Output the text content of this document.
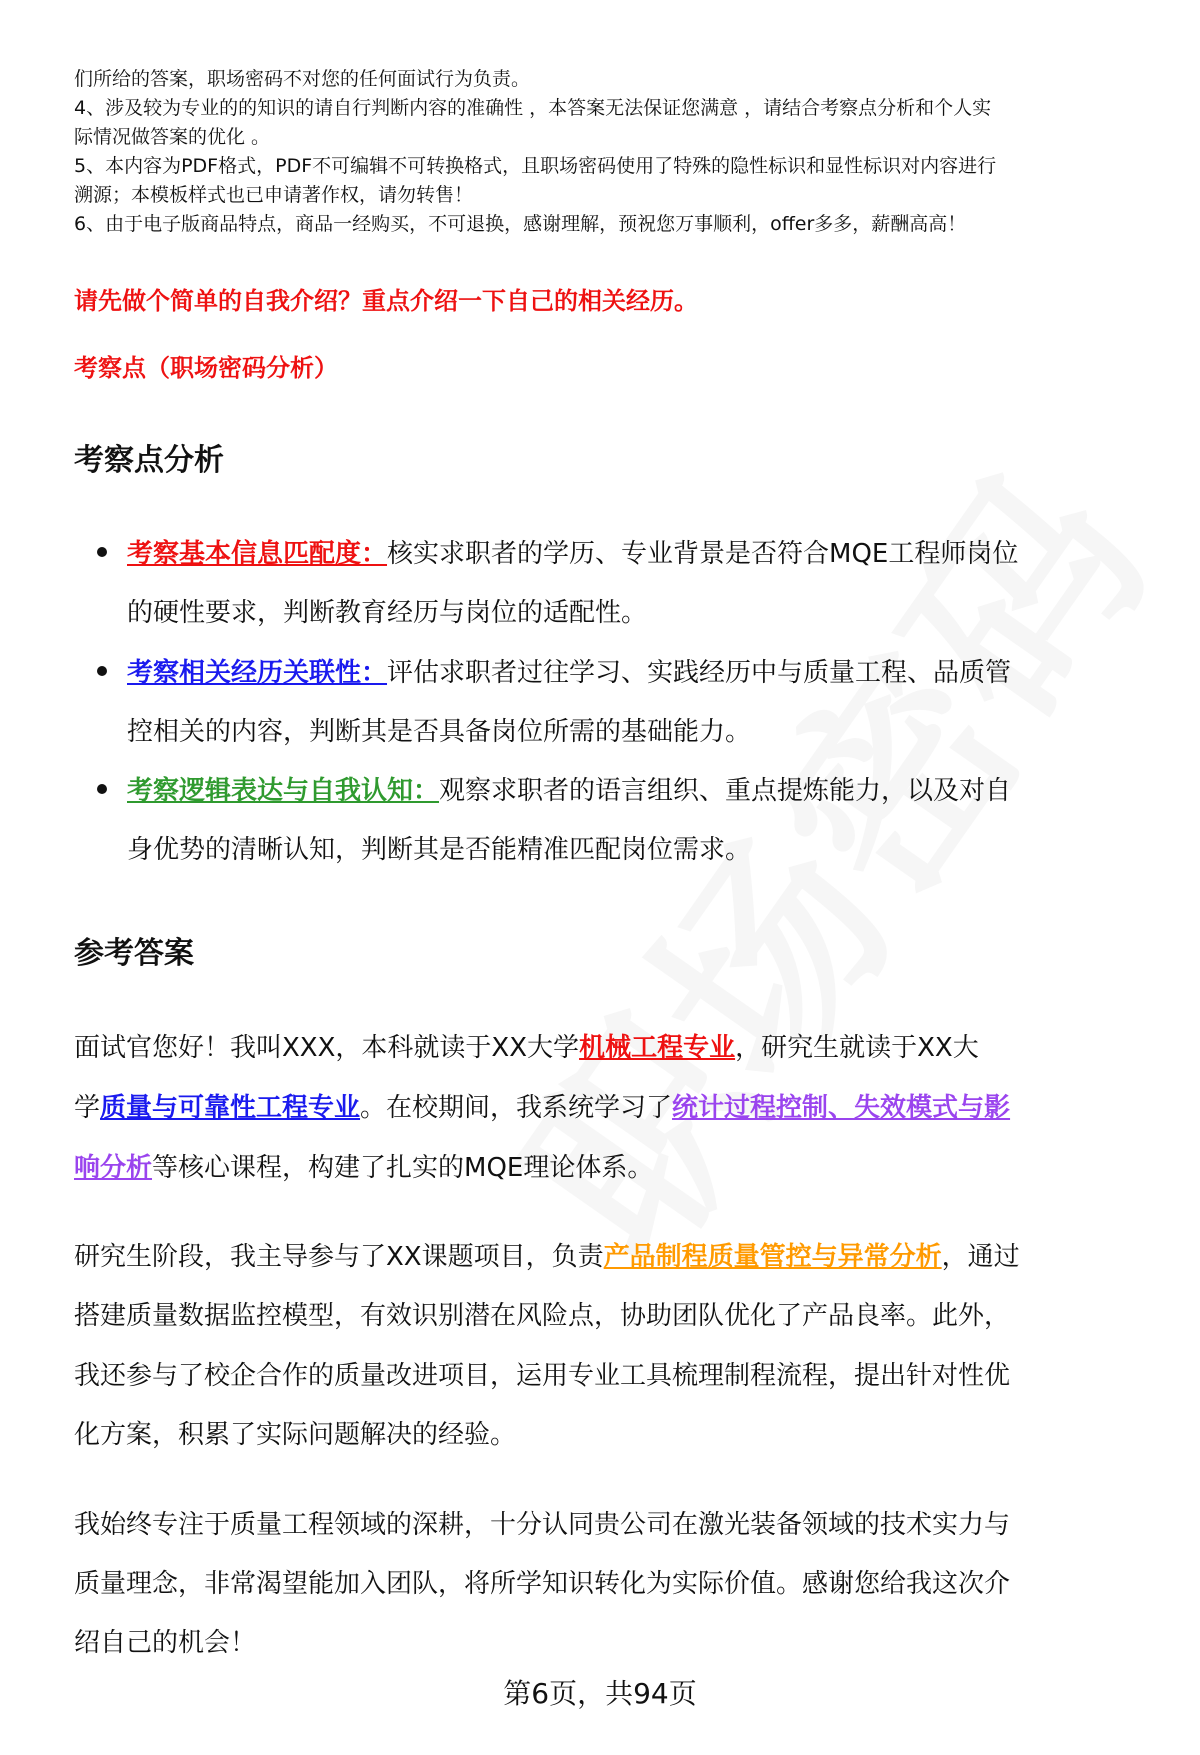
们所给的答案，职场密码不对您的任何面试行为负责。
4、涉及较为专业的的知识的请自行判断内容的准确性 ，本答案无法保证您满意 ，请结合考察点分析和个人实
际情况做答案的优化 。
5、本内容为PDF格式，PDF不可编辑不可转换格式，且职场密码使用了特殊的隐性标识和显性标识对内容进行
溯源；本模板样式也已申请著作权，请勿转售！
6、由于电子版商品特点，商品一经购买，不可退换，感谢理解，预祝您万事顺利，offer多多，薪酬高高！
请先做个简单的自我介绍？重点介绍一下自己的相关经历。
考察点（职场密码分析）
考察点分析
考察基本信息匹配度：核实求职者的学历、专业背景是否符合MQE工程师岗位
的硬性要求，判断教育经历与岗位的适配性。
考察相关经历关联性：评估求职者过往学习、实践经历中与质量工程、品质管
控相关的内容，判断其是否具备岗位所需的基础能力。
考察逻辑表达与自我认知：观察求职者的语言组织、重点提炼能力，以及对自
身优势的清晰认知，判断其是否能精准匹配岗位需求。
参考答案
面试官您好！我叫XXX，本科就读于XX大学机械工程专业，研究生就读于XX大
学质量与可靠性工程专业。在校期间，我系统学习了统计过程控制、失效模式与影
响分析等核心课程，构建了扎实的MQE理论体系。
研究生阶段，我主导参与了XX课题项目，负责产品制程质量管控与异常分析，通过
搭建质量数据监控模型，有效识别潜在风险点，协助团队优化了产品良率。此外，
我还参与了校企合作的质量改进项目，运用专业工具梳理制程流程，提出针对性优
化方案，积累了实际问题解决的经验。
我始终专注于质量工程领域的深耕，十分认同贵公司在激光装备领域的技术实力与
质量理念，非常渴望能加入团队，将所学知识转化为实际价值。感谢您给我这次介
绍自己的机会！
第6页，共94页
